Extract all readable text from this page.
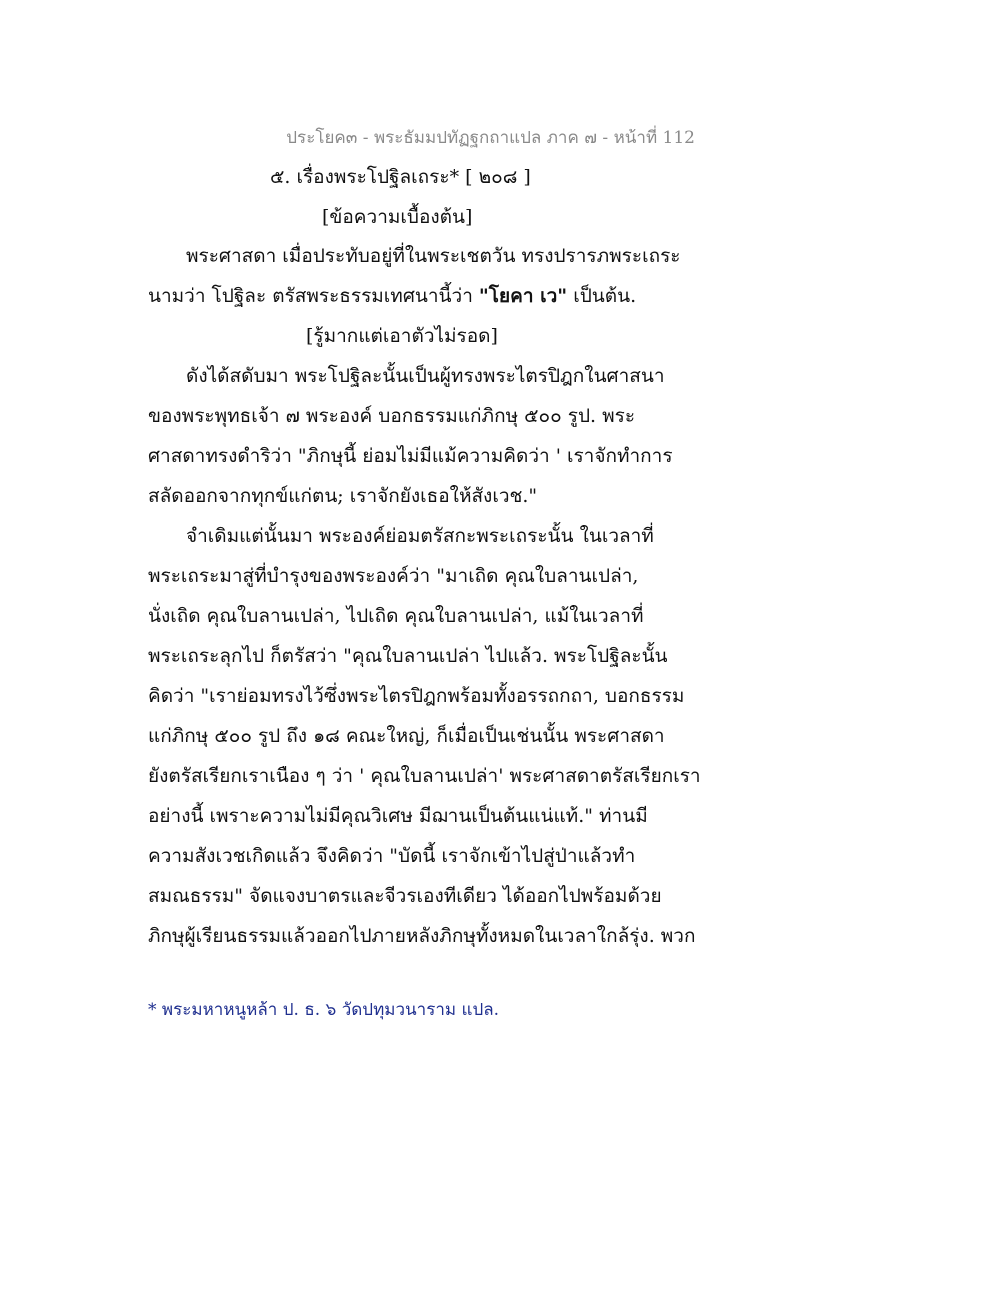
ประโยค๓ - พระธัมมปทัฏฐกถาแปล ภาค ๗ - หน้าที่ 112
๕. เรื่องพระโปฐิลเถระ* [ ๒๐๘ ]
[ข้อความเบื้องต้น]
พระศาสดา เมื่อประทับอยู่ที่ในพระเชตวัน ทรงปรารภพระเถระ
นามว่า โปฐิละ ตรัสพระธรรมเทศนานี้ว่า "โยคา เว" เป็นต้น.
[รู้มากแต่เอาตัวไม่รอด]
ดังได้สดับมา พระโปฐิละนั้นเป็นผู้ทรงพระไตรปิฎกในศาสนา
ของพระพุทธเจ้า ๗ พระองค์ บอกธรรมแก่ภิกษุ ๕๐๐ รูป. พระ
ศาสดาทรงดำริว่า "ภิกษุนี้ ย่อมไม่มีแม้ความคิดว่า ' เราจักทำการ
สลัดออกจากทุกข์แก่ตน; เราจักยังเธอให้สังเวช."
จำเดิมแต่นั้นมา พระองค์ย่อมตรัสกะพระเถระนั้น ในเวลาที่
พระเถระมาสู่ที่บำรุงของพระองค์ว่า "มาเถิด คุณใบลานเปล่า,
นั่งเถิด คุณใบลานเปล่า, ไปเถิด คุณใบลานเปล่า, แม้ในเวลาที่
พระเถระลุกไป ก็ตรัสว่า "คุณใบลานเปล่า ไปแล้ว. พระโปฐิละนั้น
คิดว่า "เราย่อมทรงไว้ซึ่งพระไตรปิฎกพร้อมทั้งอรรถกถา, บอกธรรม
แก่ภิกษุ ๕๐๐ รูป ถึง ๑๘ คณะใหญ่, ก็เมื่อเป็นเช่นนั้น พระศาสดา
ยังตรัสเรียกเราเนือง ๆ ว่า ' คุณใบลานเปล่า' พระศาสดาตรัสเรียกเรา
อย่างนี้ เพราะความไม่มีคุณวิเศษ มีฌานเป็นต้นแน่แท้." ท่านมี
ความสังเวชเกิดแล้ว จึงคิดว่า "บัดนี้ เราจักเข้าไปสู่ป่าแล้วทำ
สมณธรรม" จัดแจงบาตรและจีวรเองทีเดียว ได้ออกไปพร้อมด้วย
ภิกษุผู้เรียนธรรมแล้วออกไปภายหลังภิกษุทั้งหมดในเวลาใกล้รุ่ง. พวก
* พระมหาหนูหล้า ป. ธ. ๖ วัดปทุมวนาราม แปล.
